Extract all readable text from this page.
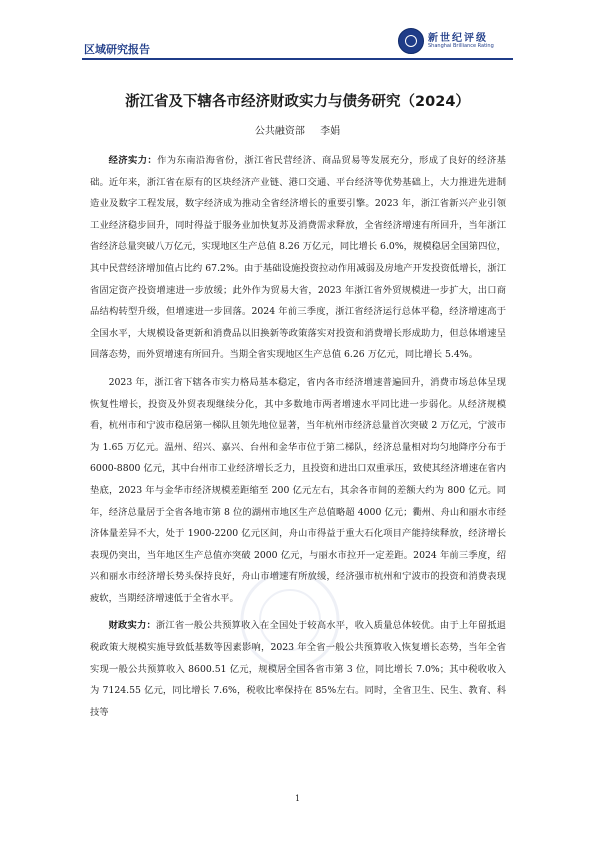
区域研究报告
新世纪评级
Shanghai Brilliance Rating
浙江省及下辖各市经济财政实力与债务研究（2024）
公共融资部 李娟

经济实力：作为东南沿海省份，浙江省民营经济、商品贸易等发展充分，形成了良好的经济基础。近年来，浙江省在原有的区块经济产业链、港口交通、平台经济等优势基础上，大力推进先进制造业及数字工程发展，数字经济成为推动全省经济增长的重要引擎。2023 年，浙江省新兴产业引领工业经济稳步回升，同时得益于服务业加快复苏及消费需求释放，全省经济增速有所回升，当年浙江省经济总量突破八万亿元，实现地区生产总值 8.26 万亿元，同比增长 6.0%，规模稳居全国第四位，其中民营经济增加值占比约 67.2%。由于基础设施投资拉动作用减弱及房地产开发投资低增长，浙江省固定资产投资增速进一步放缓；此外作为贸易大省，2023 年浙江省外贸规模进一步扩大，出口商品结构转型升级，但增速进一步回落。2024 年前三季度，浙江省经济运行总体平稳，经济增速高于全国水平，大规模设备更新和消费品以旧换新等政策落实对投资和消费增长形成助力，但总体增速呈回落态势，而外贸增速有所回升。当期全省实现地区生产总值 6.26 万亿元，同比增长 5.4%。

2023 年，浙江省下辖各市实力格局基本稳定，省内各市经济增速普遍回升，消费市场总体呈现恢复性增长，投资及外贸表现继续分化，其中多数地市两者增速水平同比进一步弱化。从经济规模看，杭州市和宁波市稳居第一梯队且领先地位显著，当年杭州市经济总量首次突破 2 万亿元，宁波市为 1.65 万亿元。温州、绍兴、嘉兴、台州和金华市位于第二梯队，经济总量相对均匀地降序分布于 6000-8800 亿元，其中台州市工业经济增长乏力，且投资和进出口双重承压，致使其经济增速在省内垫底，2023 年与金华市经济规模差距缩至 200 亿元左右，其余各市间的差额大约为 800 亿元。同年，经济总量居于全省各地市第 8 位的湖州市地区生产总值略超 4000 亿元；衢州、舟山和丽水市经济体量差异不大，处于 1900-2200 亿元区间，舟山市得益于重大石化项目产能持续释放，经济增长表现仍突出，当年地区生产总值亦突破 2000 亿元，与丽水市拉开一定差距。2024 年前三季度，绍兴和丽水市经济增长势头保持良好，舟山市增速有所放缓，经济强市杭州和宁波市的投资和消费表现疲软，当期经济增速低于全省水平。

财政实力：浙江省一般公共预算收入在全国处于较高水平，收入质量总体较优。由于上年留抵退税政策大规模实施导致低基数等因素影响，2023 年全省一般公共预算收入恢复增长态势，当年全省实现一般公共预算收入 8600.51 亿元，规模居全国各省市第 3 位，同比增长 7.0%；其中税收收入为 7124.55 亿元，同比增长 7.6%，税收比率保持在 85%左右。同时，全省卫生、民生、教育、科技等

1
